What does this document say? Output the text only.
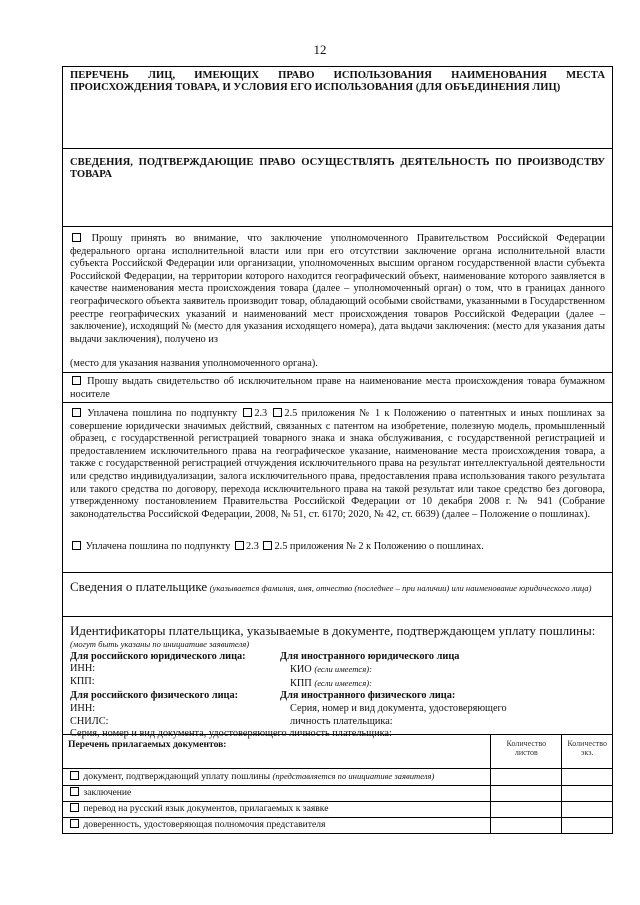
12
ПЕРЕЧЕНЬ ЛИЦ, ИМЕЮЩИХ ПРАВО ИСПОЛЬЗОВАНИЯ НАИМЕНОВАНИЯ МЕСТА ПРОИСХОЖДЕНИЯ ТОВАРА, И УСЛОВИЯ ЕГО ИСПОЛЬЗОВАНИЯ (ДЛЯ ОБЪЕДИНЕНИЯ ЛИЦ)
СВЕДЕНИЯ, ПОДТВЕРЖДАЮЩИЕ ПРАВО ОСУЩЕСТВЛЯТЬ ДЕЯТЕЛЬНОСТЬ ПО ПРОИЗВОДСТВУ ТОВАРА
Прошу принять во внимание, что заключение уполномоченного Правительством Российской Федерации федерального органа исполнительной власти или при его отсутствии заключение органа исполнительной власти субъекта Российской Федерации или организации, уполномоченных высшим органом государственной власти субъекта Российской Федерации, на территории которого находится географический объект, наименование которого заявляется в качестве наименования места происхождения товара (далее – уполномоченный орган) о том, что в границах данного географического объекта заявитель производит товар, обладающий особыми свойствами, указанными в Государственном реестре географических указаний и наименований мест происхождения товаров Российской Федерации (далее – заключение), исходящий № (место для указания исходящего номера), дата выдачи заключения: (место для указания даты выдачи заключения), получено из
(место для указания названия уполномоченного органа).
Прошу выдать свидетельство об исключительном праве на наименование места происхождения товара бумажном носителе
Уплачена пошлина по подпункту 2.3 2.5 приложения № 1 к Положению о патентных и иных пошлинах за совершение юридически значимых действий, связанных с патентом на изобретение, полезную модель, промышленный образец, с государственной регистрацией товарного знака и знака обслуживания, с государственной регистрацией и предоставлением исключительного права на географическое указание, наименование места происхождения товара, а также с государственной регистрацией отчуждения исключительного права на результат интеллектуальной деятельности или средство индивидуализации, залога исключительного права, предоставления права использования такого результата или такого средства по договору, перехода исключительного права на такой результат или такое средство без договора, утвержденному постановлением Правительства Российской Федерации от 10 декабря 2008 г. № 941 (Собрание законодательства Российской Федерации, 2008, № 51, ст. 6170; 2020, № 42, ст. 6639) (далее – Положение о пошлинах).
Уплачена пошлина по подпункту 2.3 2.5 приложения № 2 к Положению о пошлинах.
Сведения о плательщике (указывается фамилия, имя, отчество (последнее – при наличии) или наименование юридического лица)
Идентификаторы плательщика, указываемые в документе, подтверждающем уплату пошлины:
(могут быть указаны по инициативе заявителя)
Для российского юридического лица:
ИНН:
КПП:
Для иностранного юридического лица
КИО (если имеется):
КПП (если имеется):
Для российского физического лица:
ИНН:
СНИЛС:
Для иностранного физического лица:
Серия, номер и вид документа, удостоверяющего
личность плательщика:
Серия, номер и вид документа, удостоверяющего личность плательщика:
Перечень прилагаемых документов:	Количество листов	Количество экз.
документ, подтверждающий уплату пошлины (представляется по инициативе заявителя)		
заключение		
перевод на русский язык документов, прилагаемых к заявке		
доверенность, удостоверяющая полномочия представителя		
